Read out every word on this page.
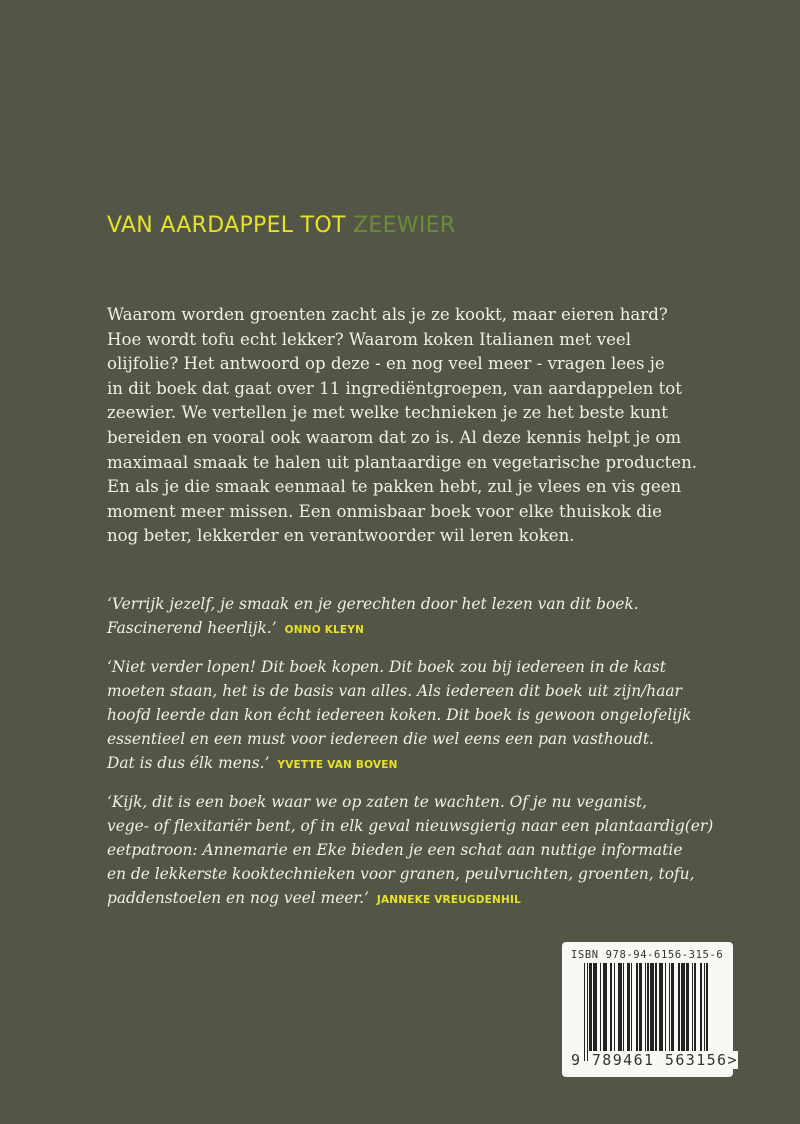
VAN AARDAPPEL TOT ZEEWIER
Waarom worden groenten zacht als je ze kookt, maar eieren hard?
Hoe wordt tofu echt lekker? Waarom koken Italianen met veel
olijfolie? Het antwoord op deze - en nog veel meer - vragen lees je
in dit boek dat gaat over 11 ingrediëntgroepen, van aardappelen tot
zeewier. We vertellen je met welke technieken je ze het beste kunt
bereiden en vooral ook waarom dat zo is. Al deze kennis helpt je om
maximaal smaak te halen uit plantaardige en vegetarische producten.
En als je die smaak eenmaal te pakken hebt, zul je vlees en vis geen
moment meer missen. Een onmisbaar boek voor elke thuiskok die
nog beter, lekkerder en verantwoorder wil leren koken.
‘Verrijk jezelf, je smaak en je gerechten door het lezen van dit boek.
Fascinerend heerlijk.’ ONNO KLEYN
‘Niet verder lopen! Dit boek kopen. Dit boek zou bij iedereen in de kast
moeten staan, het is de basis van alles. Als iedereen dit boek uit zijn/haar
hoofd leerde dan kon écht iedereen koken. Dit boek is gewoon ongelofelijk
essentieel en een must voor iedereen die wel eens een pan vasthoudt.
Dat is dus élk mens.’ YVETTE VAN BOVEN
‘Kijk, dit is een boek waar we op zaten te wachten. Of je nu veganist,
vege- of flexitariër bent, of in elk geval nieuwsgierig naar een plantaardig(er)
eetpatroon: Annemarie en Eke bieden je een schat aan nuttige informatie
en de lekkerste kooktechnieken voor granen, peulvruchten, groenten, tofu,
paddenstoelen en nog veel meer.’ JANNEKE VREUGDENHIL
ISBN 978-94-6156-315-6
9 789461 563156>
